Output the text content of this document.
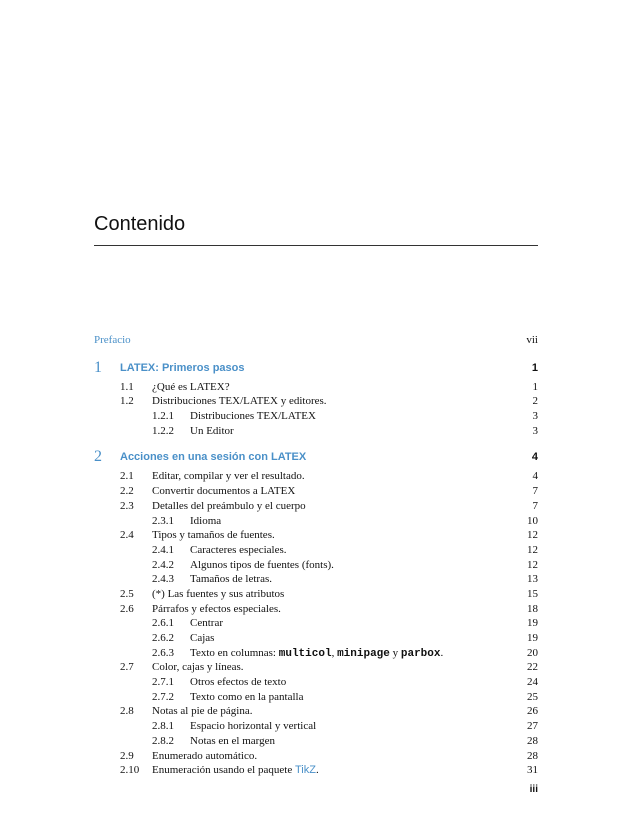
Contenido
Prefacio	vii
1 LATEX: Primeros pasos	1
1.1 ¿Qué es LATEX?	1
1.2 Distribuciones TEX/LATEX y editores.	2
1.2.1 Distribuciones TEX/LATEX	3
1.2.2 Un Editor	3
2 Acciones en una sesión con LATEX	4
2.1 Editar, compilar y ver el resultado.	4
2.2 Convertir documentos a LATEX	7
2.3 Detalles del preámbulo y el cuerpo	7
2.3.1 Idioma	10
2.4 Tipos y tamaños de fuentes.	12
2.4.1 Caracteres especiales.	12
2.4.2 Algunos tipos de fuentes (fonts).	12
2.4.3 Tamaños de letras.	13
2.5 (*) Las fuentes y sus atributos	15
2.6 Párrafos y efectos especiales.	18
2.6.1 Centrar	19
2.6.2 Cajas	19
2.6.3 Texto en columnas: multicol, minipage y parbox.	20
2.7 Color, cajas y líneas.	22
2.7.1 Otros efectos de texto	24
2.7.2 Texto como en la pantalla	25
2.8 Notas al pie de página.	26
2.8.1 Espacio horizontal y vertical	27
2.8.2 Notas en el margen	28
2.9 Enumerado automático.	28
2.10 Enumeración usando el paquete TikZ.	31
iii
